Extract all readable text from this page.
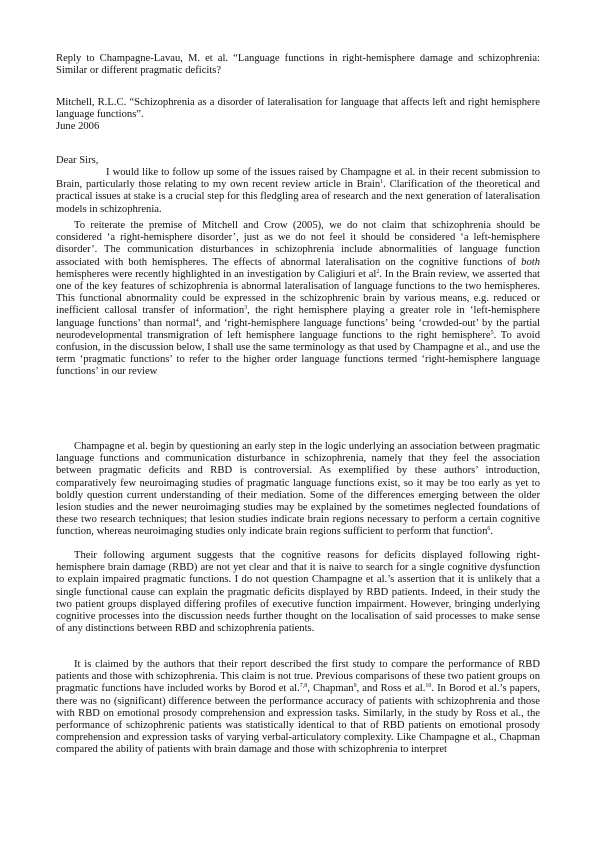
Reply to Champagne-Lavau, M. et al. “Language functions in right-hemisphere damage and schizophrenia: Similar or different pragmatic deficits?

Mitchell, R.L.C. “Schizophrenia as a disorder of lateralisation for language that affects left and right hemisphere language functions”.

June 2006

Dear Sirs,

I would like to follow up some of the issues raised by Champagne et al. in their recent submission to Brain, particularly those relating to my own recent review article in Brain$^1$. Clarification of the theoretical and practical issues at stake is a crucial step for this fledgling area of research and the next generation of lateralisation models in schizophrenia.

To reiterate the premise of Mitchell and Crow (2005), we do not claim that schizophrenia should be considered ‘a right-hemisphere disorder’, just as we do not feel it should be considered ‘a left-hemisphere disorder’. The communication disturbances in schizophrenia include abnormalities of language function associated with both hemispheres. The effects of abnormal lateralisation on the cognitive functions of both hemispheres were recently highlighted in an investigation by Caligiuri et $al^2$. In the Brain review, we asserted that one of the key features of schizophrenia is abnormal lateralisation of language functions to the two hemispheres. This functional abnormality could be expressed in the schizophrenic brain by various means, e.g. reduced or inefficient callosal transfer of information$^3$, the right hemisphere playing a greater role in ‘left-hemisphere language functions’ than normal$^4$, and ‘right-hemisphere language functions’ being ‘crowded-out’ by the partial neurodevelopmental transmigration of left hemisphere language functions to the right hemisphere$^5$. To avoid confusion, in the discussion below, I shall use the same terminology as that used by Champagne et al., and use the term ‘pragmatic functions’ to refer to the higher order language functions termed ‘right-hemisphere language functions’ in our review

Champagne et al. begin by questioning an early step in the logic underlying an association between pragmatic language functions and communication disturbance in schizophrenia, namely that they feel the association between pragmatic deficits and RBD is controversial. As exemplified by these authors’ introduction, comparatively few neuroimaging studies of pragmatic language functions exist, so it may be too early as yet to boldly question current understanding of their mediation. Some of the differences emerging between the older lesion studies and the newer neuroimaging studies may be explained by the sometimes neglected foundations of these two research techniques; that lesion studies indicate brain regions necessary to perform a certain cognitive function, whereas neuroimaging studies only indicate brain regions sufficient to perform that function$^6$.

Their following argument suggests that the cognitive reasons for deficits displayed following right-hemisphere brain damage (RBD) are not yet clear and that it is naive to search for a single cognitive dysfunction to explain impaired pragmatic functions. I do not question Champagne et al.’s assertion that it is unlikely that a single functional cause can explain the pragmatic deficits displayed by RBD patients. Indeed, in their study the two patient groups displayed differing profiles of executive function impairment. However, bringing underlying cognitive processes into the discussion needs further thought on the localisation of said processes to make sense of any distinctions between RBD and schizophrenia patients.

It is claimed by the authors that their report described the first study to compare the performance of RBD patients and those with schizophrenia. This claim is not true. Previous comparisons of these two patient groups on pragmatic functions have included works by Borod et al.$^{7,8}$, Chapman$^9$, and Ross et al.$^{10}$. In Borod et al.’s papers, there was no (significant) difference between the performance accuracy of patients with schizophrenia and those with RBD on emotional prosody comprehension and expression tasks. Similarly, in the study by Ross et al., the performance of schizophrenic patients was statistically identical to that of RBD patients on emotional prosody comprehension and expression tasks of varying verbal-articulatory complexity. Like Champagne et al., Chapman compared the ability of patients with brain damage and those with schizophrenia to interpret
